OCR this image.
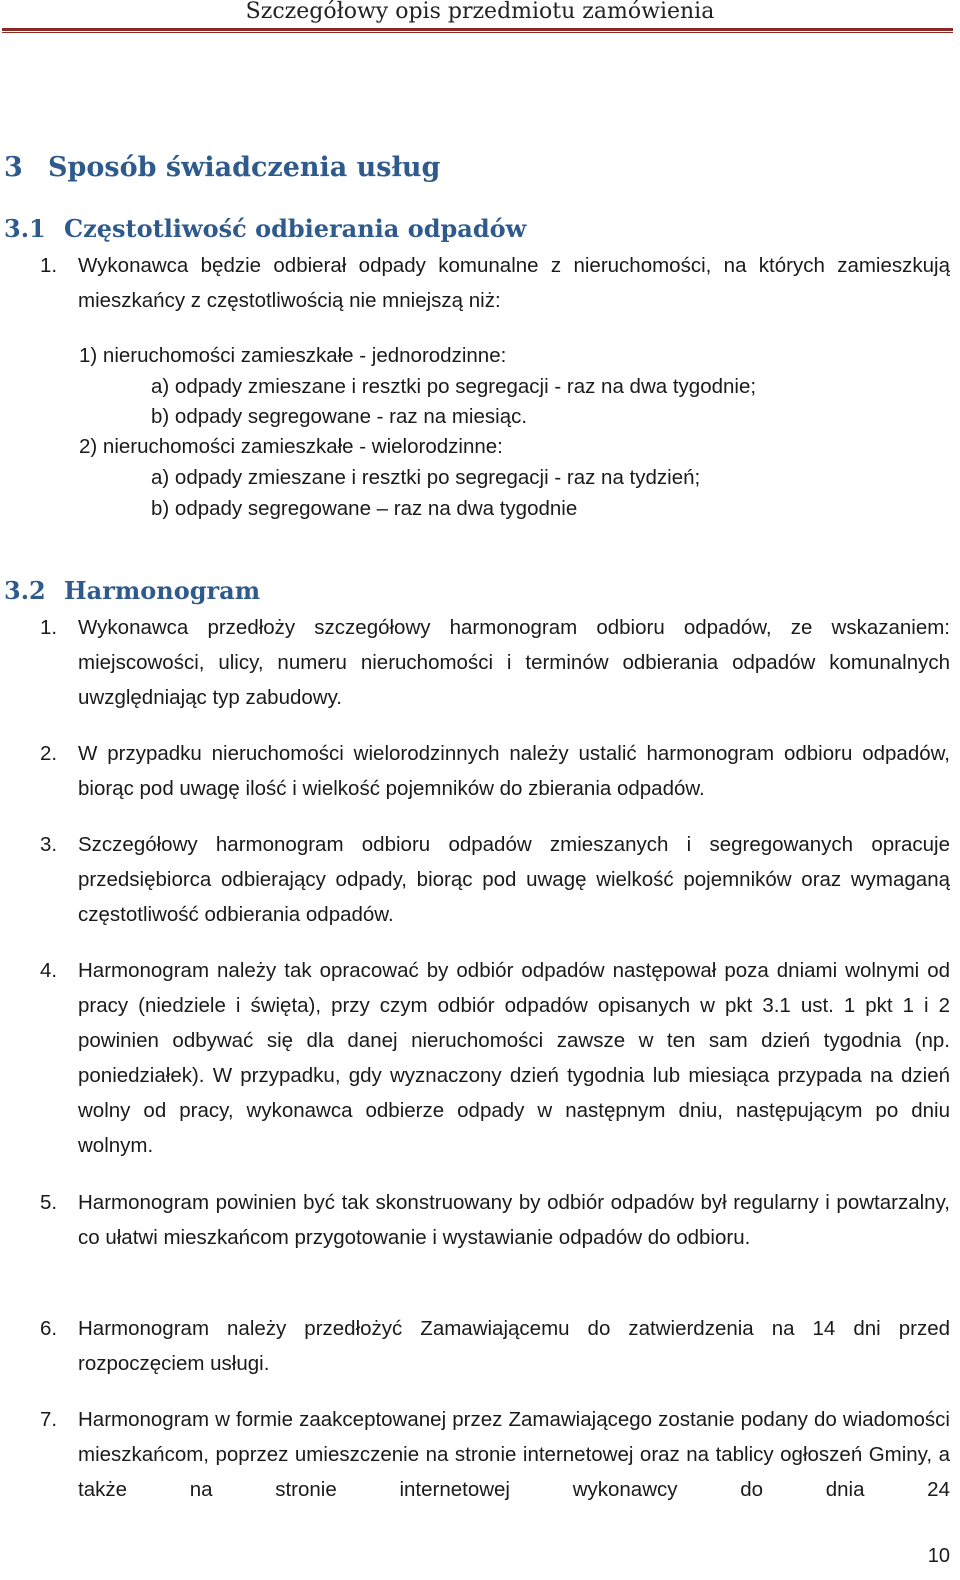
Szczegółowy opis przedmiotu zamówienia
3 Sposób świadczenia usług
3.1 Częstotliwość odbierania odpadów
1. Wykonawca będzie odbierał odpady komunalne z nieruchomości, na których zamieszkują mieszkańcy z częstotliwością nie mniejszą niż:
1) nieruchomości zamieszkałe - jednorodzinne:
a) odpady zmieszane i resztki po segregacji - raz na dwa tygodnie;
b) odpady segregowane - raz na miesiąc.
2) nieruchomości zamieszkałe - wielorodzinne:
a) odpady zmieszane i resztki po segregacji - raz na tydzień;
b) odpady segregowane – raz na dwa tygodnie
3.2 Harmonogram
1. Wykonawca przedłoży szczegółowy harmonogram odbioru odpadów, ze wskazaniem: miejscowości, ulicy, numeru nieruchomości i terminów odbierania odpadów komunalnych uwzględniając typ zabudowy.
2. W przypadku nieruchomości wielorodzinnych należy ustalić harmonogram odbioru odpadów, biorąc pod uwagę ilość i wielkość pojemników do zbierania odpadów.
3. Szczegółowy harmonogram odbioru odpadów zmieszanych i segregowanych opracuje przedsiębiorca odbierający odpady, biorąc pod uwagę wielkość pojemników oraz wymaganą częstotliwość odbierania odpadów.
4. Harmonogram należy tak opracować by odbiór odpadów następował poza dniami wolnymi od pracy (niedziele i święta), przy czym odbiór odpadów opisanych w pkt 3.1 ust. 1 pkt 1 i 2 powinien odbywać się dla danej nieruchomości zawsze w ten sam dzień tygodnia (np. poniedziałek). W przypadku, gdy wyznaczony dzień tygodnia lub miesiąca przypada na dzień wolny od pracy, wykonawca odbierze odpady w następnym dniu, następującym po dniu wolnym.
5. Harmonogram powinien być tak skonstruowany by odbiór odpadów był regularny i powtarzalny, co ułatwi mieszkańcom przygotowanie i wystawianie odpadów do odbioru.
6. Harmonogram należy przedłożyć Zamawiającemu do zatwierdzenia na 14 dni przed rozpoczęciem usługi.
7. Harmonogram w formie zaakceptowanej przez Zamawiającego zostanie podany do wiadomości mieszkańcom, poprzez umieszczenie na stronie internetowej oraz na tablicy ogłoszeń Gminy, a także na stronie internetowej wykonawcy do dnia 24
10
